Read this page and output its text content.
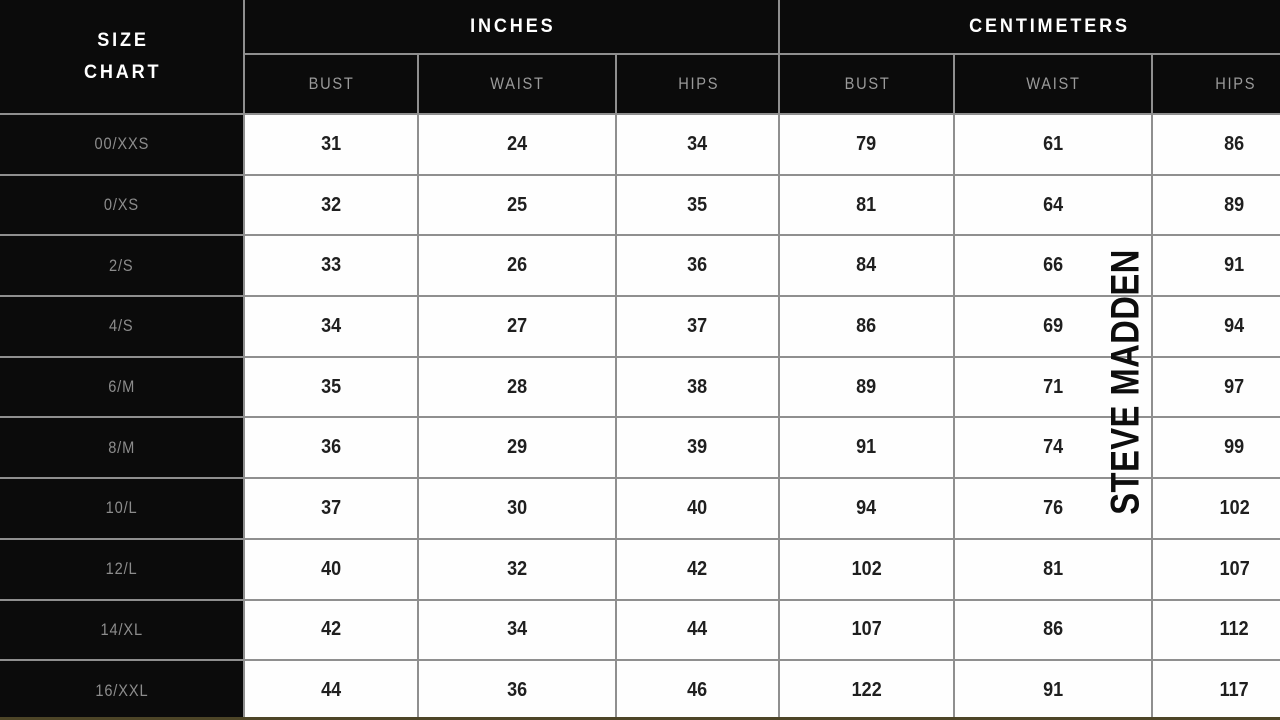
SIZE
CHART
INCHES	CENTIMETERS
BUST	WAIST	HIPS	BUST	WAIST	HIPS
00/XXS	31	24	34	79	61	86
0/XS	32	25	35	81	64	89
2/S	33	26	36	84	66	91
4/S	34	27	37	86	69	94
6/M	35	28	38	89	71	97
8/M	36	29	39	91	74	99
10/L	37	30	40	94	76	102
12/L	40	32	42	102	81	107
14/XL	42	34	44	107	86	112
16/XXL	44	36	46	122	91	117
STEVE MADDEN
